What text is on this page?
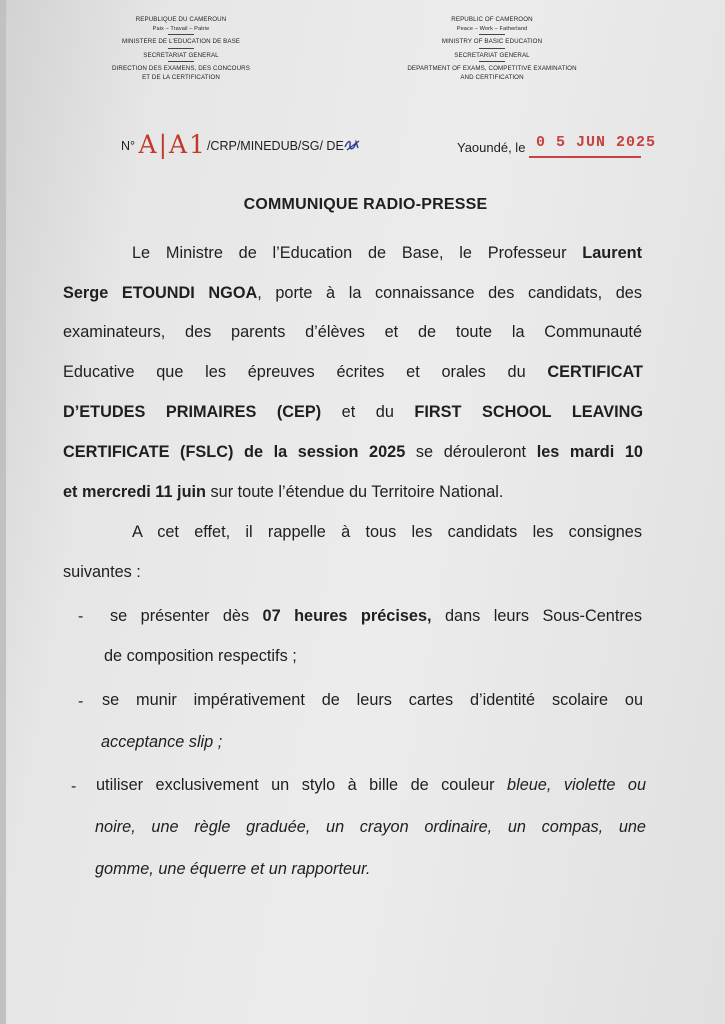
REPUBLIQUE DU CAMEROUN
Paix – Travail – Patrie
MINISTERE DE L'EDUCATION DE BASE
SECRETARIAT GENERAL
DIRECTION DES EXAMENS, DES CONCOURS
ET DE LA CERTIFICATION
REPUBLIC OF CAMEROON
Peace – Work – Fatherland
MINISTRY OF BASIC EDUCATION
SECRETARIAT GENERAL
DEPARTMENT OF EXAMS, COMPETITIVE EXAMINATION
AND CERTIFICATION
N° A|A1/CRP/MINEDUB/SG/ DE	Yaoundé, le 0 5 JUN 2025
COMMUNIQUE RADIO-PRESSE
Le Ministre de l’Education de Base, le Professeur Laurent
Serge ETOUNDI NGOA, porte à la connaissance des candidats, des
examinateurs, des parents d’élèves et de toute la Communauté
Educative que les épreuves écrites et orales du CERTIFICAT
D’ETUDES PRIMAIRES (CEP) et du FIRST SCHOOL LEAVING
CERTIFICATE (FSLC) de la session 2025 se dérouleront les mardi 10
et mercredi 11 juin sur toute l’étendue du Territoire National.
A cet effet, il rappelle à tous les candidats les consignes
suivantes :
- se présenter dès 07 heures précises, dans leurs Sous-Centres
de composition respectifs ;
- se munir impérativement de leurs cartes d’identité scolaire ou
acceptance slip ;
- utiliser exclusivement un stylo à bille de couleur bleue, violette ou
noire, une règle graduée, un crayon ordinaire, un compas, une
gomme, une équerre et un rapporteur.
